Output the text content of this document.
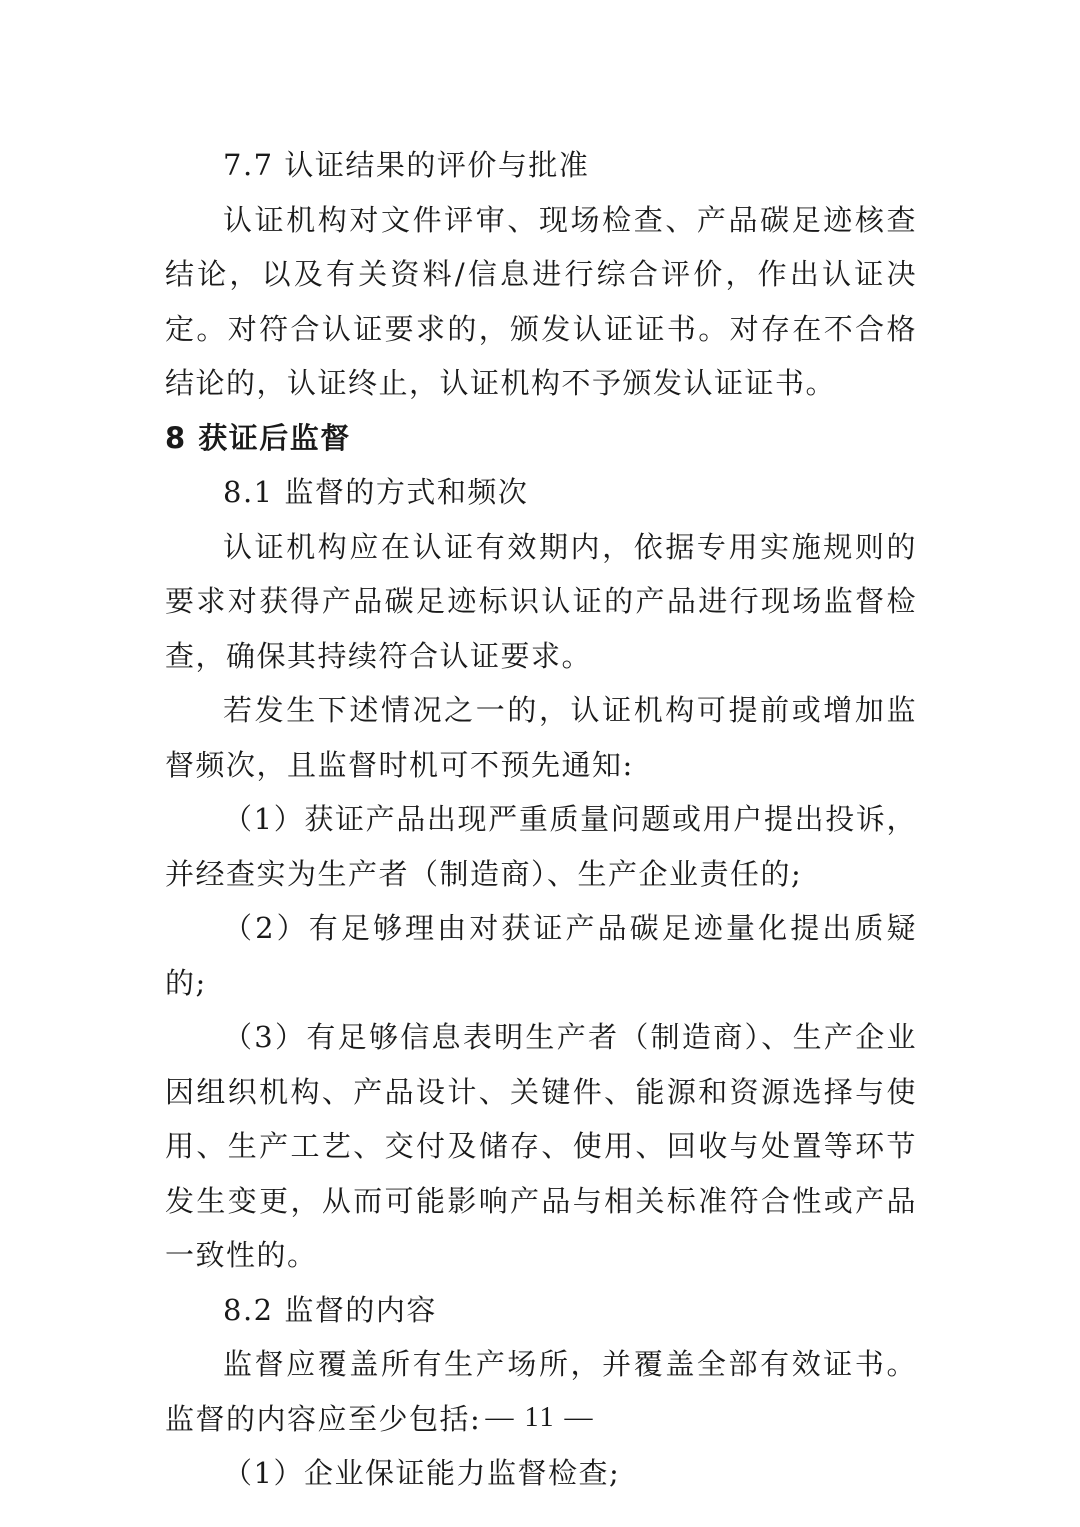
7.7 认证结果的评价与批准

认证机构对文件评审、现场检查、产品碳足迹核查结论，以及有关资料/信息进行综合评价，作出认证决定。对符合认证要求的，颁发认证证书。对存在不合格结论的，认证终止，认证机构不予颁发认证证书。

8 获证后监督

8.1 监督的方式和频次

认证机构应在认证有效期内，依据专用实施规则的要求对获得产品碳足迹标识认证的产品进行现场监督检查，确保其持续符合认证要求。

若发生下述情况之一的，认证机构可提前或增加监督频次，且监督时机可不预先通知:

（1）获证产品出现严重质量问题或用户提出投诉，并经查实为生产者（制造商）、生产企业责任的;

（2）有足够理由对获证产品碳足迹量化提出质疑的;

（3）有足够信息表明生产者（制造商）、生产企业因组织机构、产品设计、关键件、能源和资源选择与使用、生产工艺、交付及储存、使用、回收与处置等环节发生变更，从而可能影响产品与相关标准符合性或产品一致性的。

8.2 监督的内容

监督应覆盖所有生产场所，并覆盖全部有效证书。监督的内容应至少包括:

（1）企业保证能力监督检查;

— 11 —
